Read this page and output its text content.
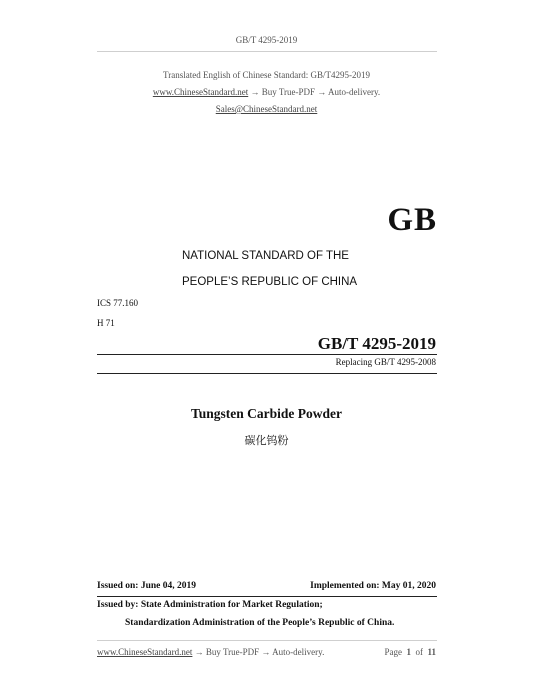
GB/T 4295-2019
Translated English of Chinese Standard: GB/T4295-2019
www.ChineseStandard.net → Buy True-PDF → Auto-delivery.
Sales@ChineseStandard.net
GB
NATIONAL STANDARD OF THE
PEOPLE’S REPUBLIC OF CHINA
ICS 77.160
H 71
GB/T 4295-2019
Replacing GB/T 4295-2008
Tungsten Carbide Powder
碳化钨粉
Issued on: June 04, 2019	Implemented on: May 01, 2020
Issued by: State Administration for Market Regulation;
Standardization Administration of the People’s Republic of China.
www.ChineseStandard.net → Buy True-PDF → Auto-delivery.	Page 1 of 11
